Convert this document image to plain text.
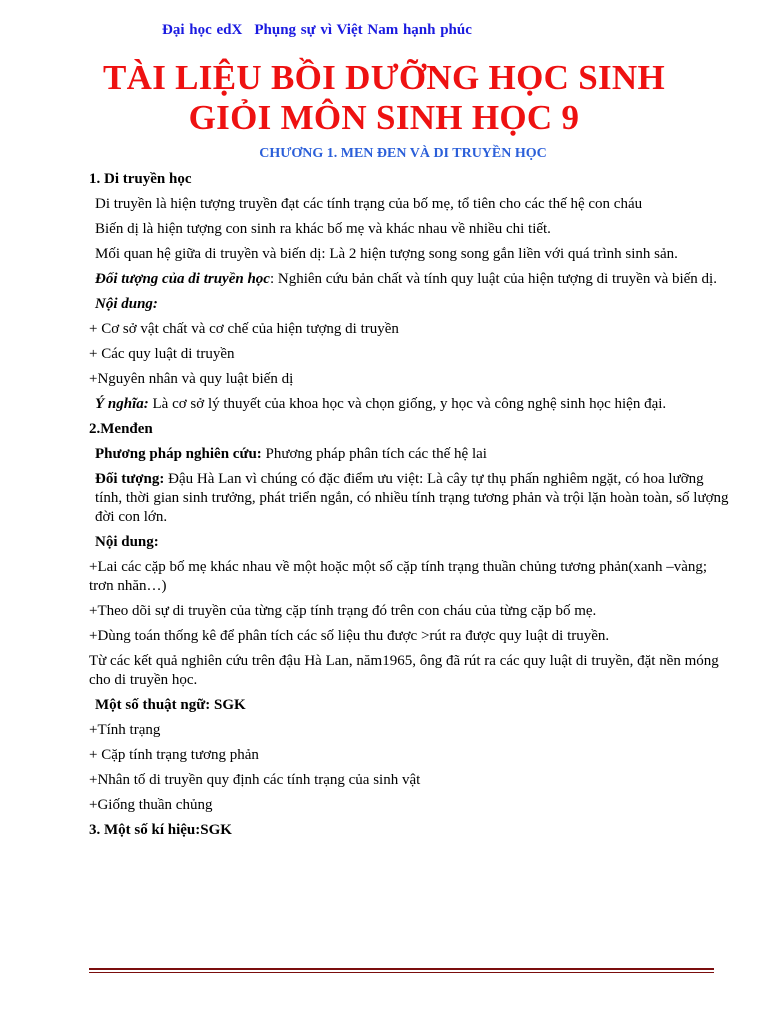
Đại học edX Phụng sự vì Việt Nam hạnh phúc
TÀI LIỆU BỒI DƯỠNG HỌC SINH
GIỎI MÔN SINH HỌC 9
CHƯƠNG 1. MEN ĐEN VÀ DI TRUYỀN HỌC

1. Di truyền học

Di truyền là hiện tượng truyền đạt các tính trạng của bố mẹ, tổ tiên cho các thế hệ con cháu

Biến dị là hiện tượng con sinh ra khác bố mẹ và khác nhau về nhiều chi tiết.

Mối quan hệ giữa di truyền và biến dị: Là 2 hiện tượng song song gắn liền với quá trình sinh sản.

Đối tượng của di truyền học: Nghiên cứu bản chất và tính quy luật của hiện tượng di truyền và biến dị.

Nội dung:

+ Cơ sở vật chất và cơ chế của hiện tượng di truyền

+ Các quy luật di truyền

+Nguyên nhân và quy luật biến dị

Ý nghĩa: Là cơ sở lý thuyết của khoa học và chọn giống, y học và công nghệ sinh học hiện đại.

2.Menđen

Phương pháp nghiên cứu: Phương pháp phân tích các thế hệ lai

Đối tượng: Đậu Hà Lan vì chúng có đặc điểm ưu việt: Là cây tự thụ phấn nghiêm ngặt, có hoa lưỡng tính, thời gian sinh trưởng, phát triển ngắn, có nhiều tính trạng tương phản và trội lặn hoàn toàn, số lượng đời con lớn.

Nội dung:

+Lai các cặp bố mẹ khác nhau về một hoặc một số cặp tính trạng thuần chủng tương phản(xanh –vàng; trơn nhăn…)

+Theo dõi sự di truyền của từng cặp tính trạng đó trên con cháu của từng cặp bố mẹ.

+Dùng toán thống kê để phân tích các số liệu thu được >rút ra được quy luật di truyền.

Từ các kết quả nghiên cứu trên đậu Hà Lan, năm1965, ông đã rút ra các quy luật di truyền, đặt nền móng cho di truyền học.

Một số thuật ngữ: SGK

+Tính trạng

+ Cặp tính trạng tương phản

+Nhân tố di truyền quy định các tính trạng của sinh vật

+Giống thuần chủng

3. Một số kí hiệu:SGK
